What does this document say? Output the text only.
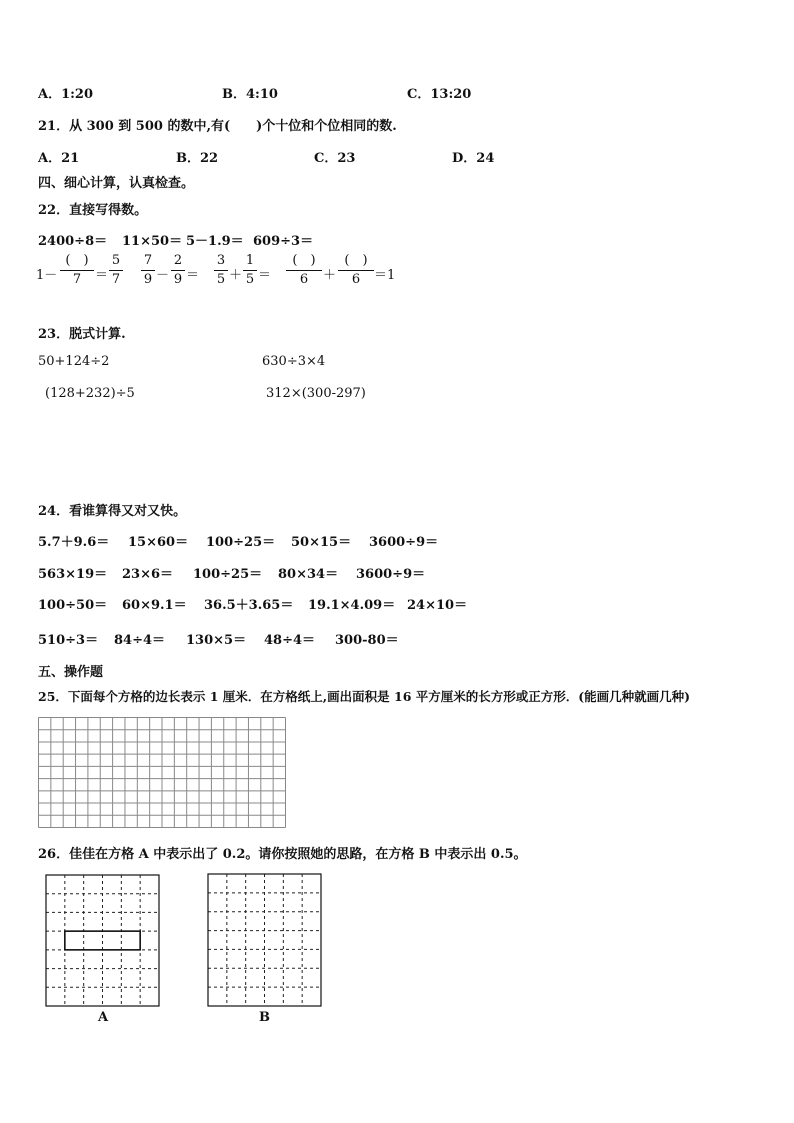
A．1:20	B．4:10	C．13:20
21．从 300 到 500 的数中,有(　　)个十位和个位相同的数.
A．21	B．22	C．23	D．24
四、细心计算，认真检查。
22．直接写得数。
2400÷8＝ 11×50＝ 5－1.9＝ 609÷3＝
1－
(　)
7	＝
5
7
7
9 －
2
9 ＝
3
5 ＋
1
5 ＝
(　)
6	＋
(　)
6	＝1
23．脱式计算.
50+124÷2	630÷3×4
(128+232)÷5	312×(300-297)
24．看谁算得又对又快。
5.7＋9.6＝ 15×60＝ 100÷25＝ 50×15＝ 3600÷9＝
563×19＝ 23×6＝ 100÷25＝ 80×34＝ 3600÷9＝
100÷50＝ 60×9.1＝ 36.5＋3.65＝ 19.1×4.09＝ 24×10＝
510÷3＝ 84÷4＝ 130×5＝ 48÷4＝ 300-80＝
五、操作题
25．下面每个方格的边长表示 1 厘米．在方格纸上,画出面积是 16 平方厘米的长方形或正方形．(能画几种就画几种)
26．佳佳在方格 A 中表示出了 0.2。请你按照她的思路，在方格 B 中表示出 0.5。
A	B
